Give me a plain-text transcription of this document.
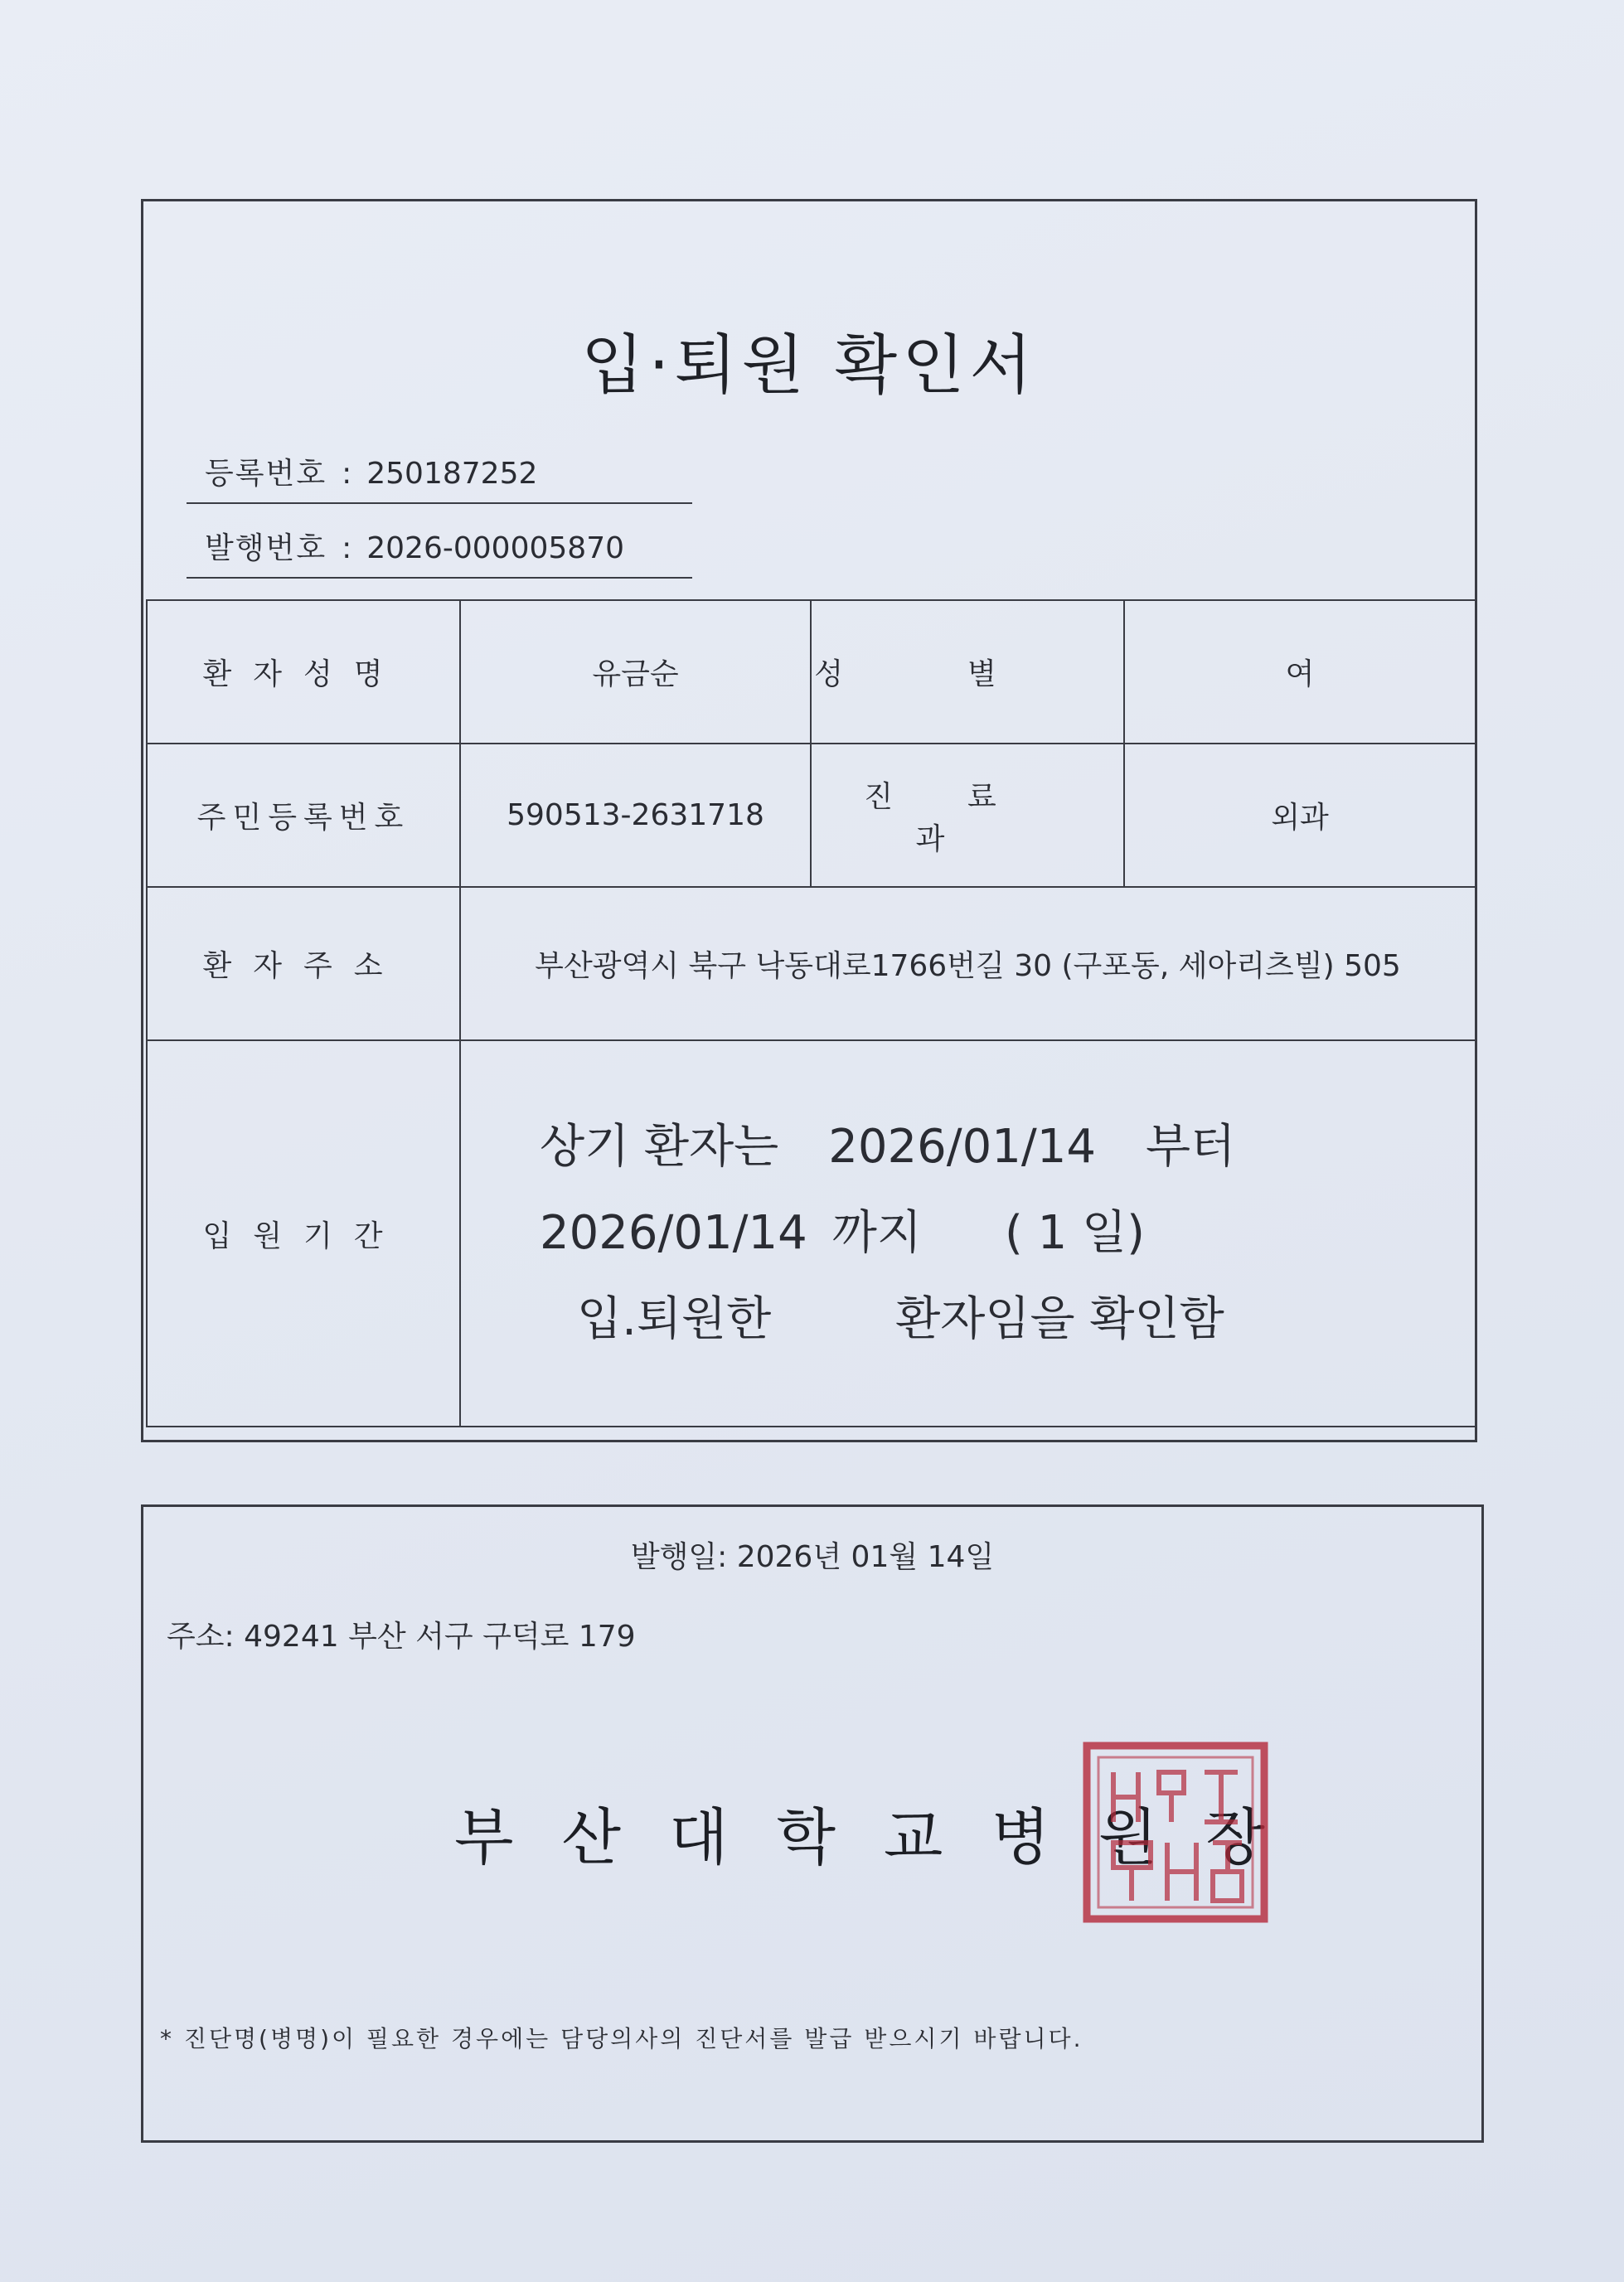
입·퇴원 확인서
등록번호 : 250187252
발행번호 : 2026-000005870
환자성명	유금순	성별	여
주민등록번호	590513-2631718	진료과	외과
환자주소	부산광역시 북구 낙동대로1766번길 30 (구포동, 세아리츠빌) 505		
입원기간	상기 환자는 2026/01/14 부터
2026/01/14 까지 ( 1 일)
입.퇴원한 환자임을 확인함		
발행일: 2026년 01월 14일
주소: 49241 부산 서구 구덕로 179
부산대학교병원장
* 진단명(병명)이 필요한 경우에는 담당의사의 진단서를 발급 받으시기 바랍니다.
